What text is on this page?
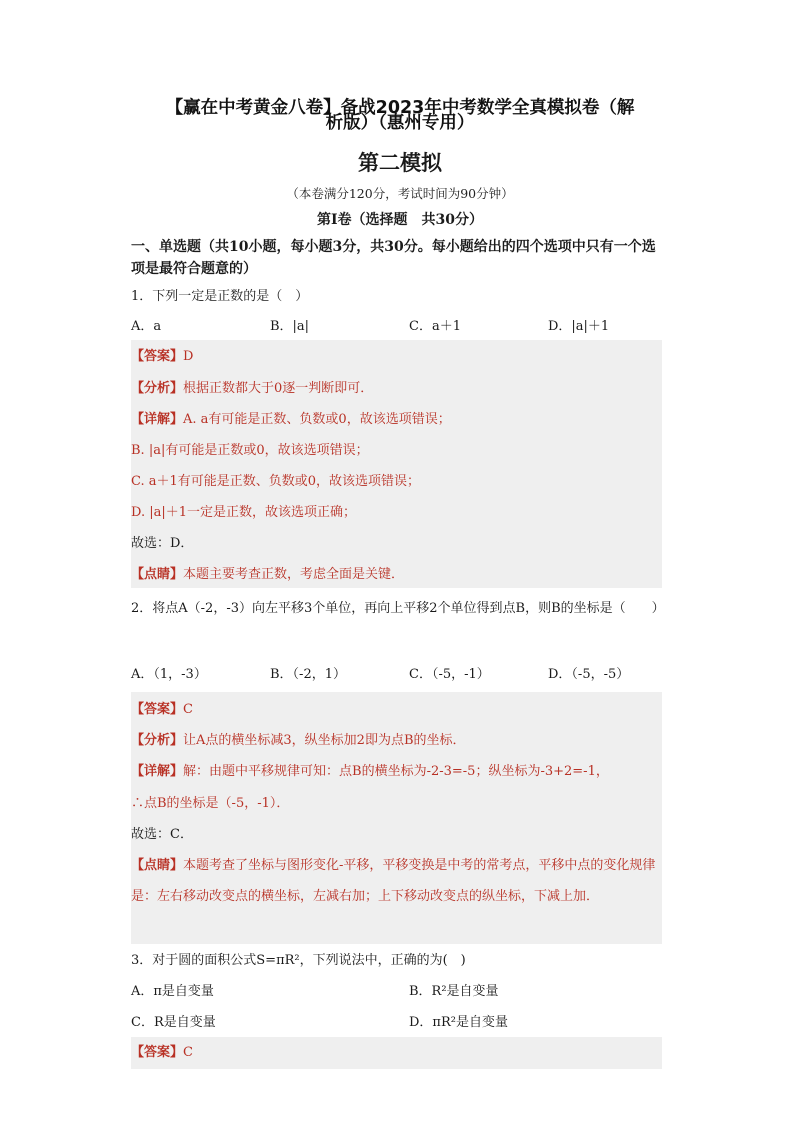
【赢在中考黄金八卷】备战2023年中考数学全真模拟卷（解
析版）（惠州专用）
第二模拟
（本卷满分120分，考试时间为90分钟）
第Ⅰ卷（选择题　共30分）
一、单选题（共10小题，每小题3分，共30分。每小题给出的四个选项中只有一个选项是最符合题意的）
1．下列一定是正数的是（　）
A．a	B．|a|	C．a＋1	D．|a|＋1
【答案】D
【分析】根据正数都大于0逐一判断即可．
【详解】A. a有可能是正数、负数或0，故该选项错误；
B. |a|有可能是正数或0，故该选项错误；
C. a＋1有可能是正数、负数或0，故该选项错误；
D. |a|＋1一定是正数，故该选项正确；
故选：D．
【点睛】本题主要考查正数，考虑全面是关键．
2．将点A（-2，-3）向左平移3个单位，再向上平移2个单位得到点B，则B的坐标是（　　）
A．（1，-3）	B．（-2，1）	C．（-5，-1）	D．（-5，-5）
【答案】C
【分析】让A点的横坐标减3，纵坐标加2即为点B的坐标．
【详解】解：由题中平移规律可知：点B的横坐标为-2-3=-5；纵坐标为-3+2=-1，
∴点B的坐标是（-5，-1）．
故选：C．
【点睛】本题考查了坐标与图形变化-平移，平移变换是中考的常考点，平移中点的变化规律是：左右移动改变点的横坐标，左减右加；上下移动改变点的纵坐标，下减上加．
3．对于圆的面积公式S=πR²，下列说法中，正确的为(　)
A．π是自变量	B．R²是自变量
C．R是自变量	D．πR²是自变量
【答案】C
